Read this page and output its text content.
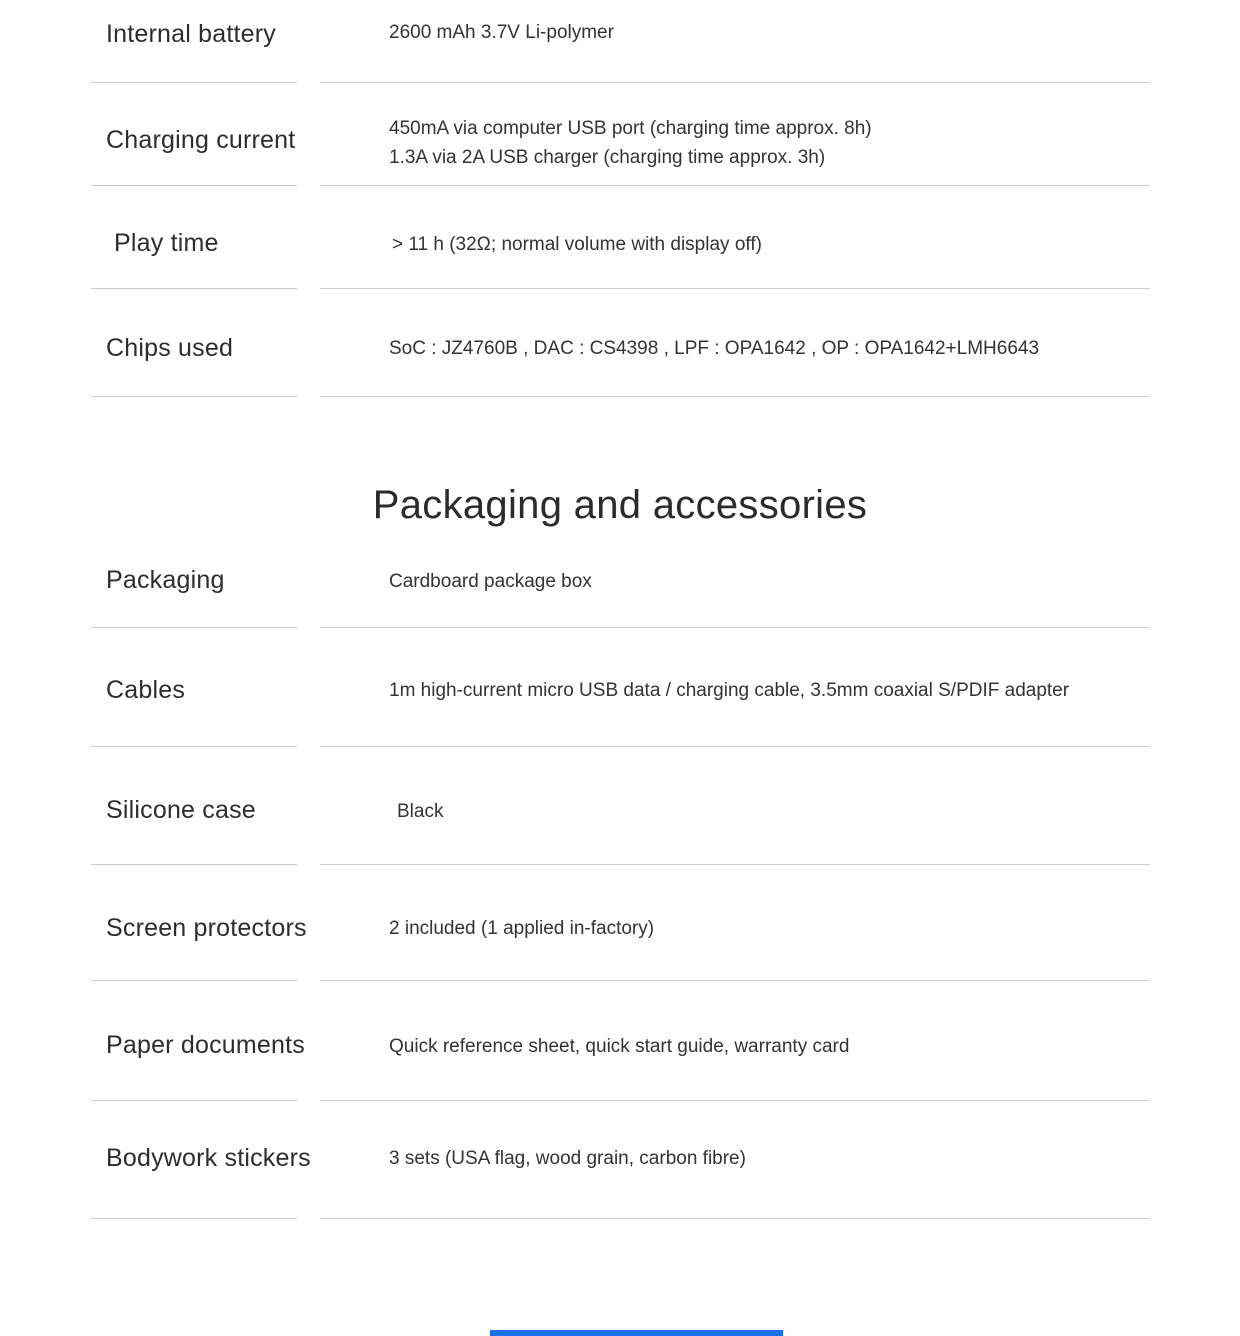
Internal battery	2600 mAh 3.7V Li-polymer
Charging current	450mA via computer USB port (charging time approx. 8h)
1.3A via 2A USB charger (charging time approx. 3h)
Play time	> 11 h (32Ω; normal volume with display off)
Chips used	SoC : JZ4760B , DAC : CS4398 , LPF : OPA1642 , OP : OPA1642+LMH6643
Packaging and accessories
Packaging	Cardboard package box
Cables	1m high-current micro USB data / charging cable, 3.5mm coaxial S/PDIF adapter
Silicone case	Black
Screen protectors	2 included (1 applied in-factory)
Paper documents	Quick reference sheet, quick start guide, warranty card
Bodywork stickers	3 sets (USA flag, wood grain, carbon fibre)
